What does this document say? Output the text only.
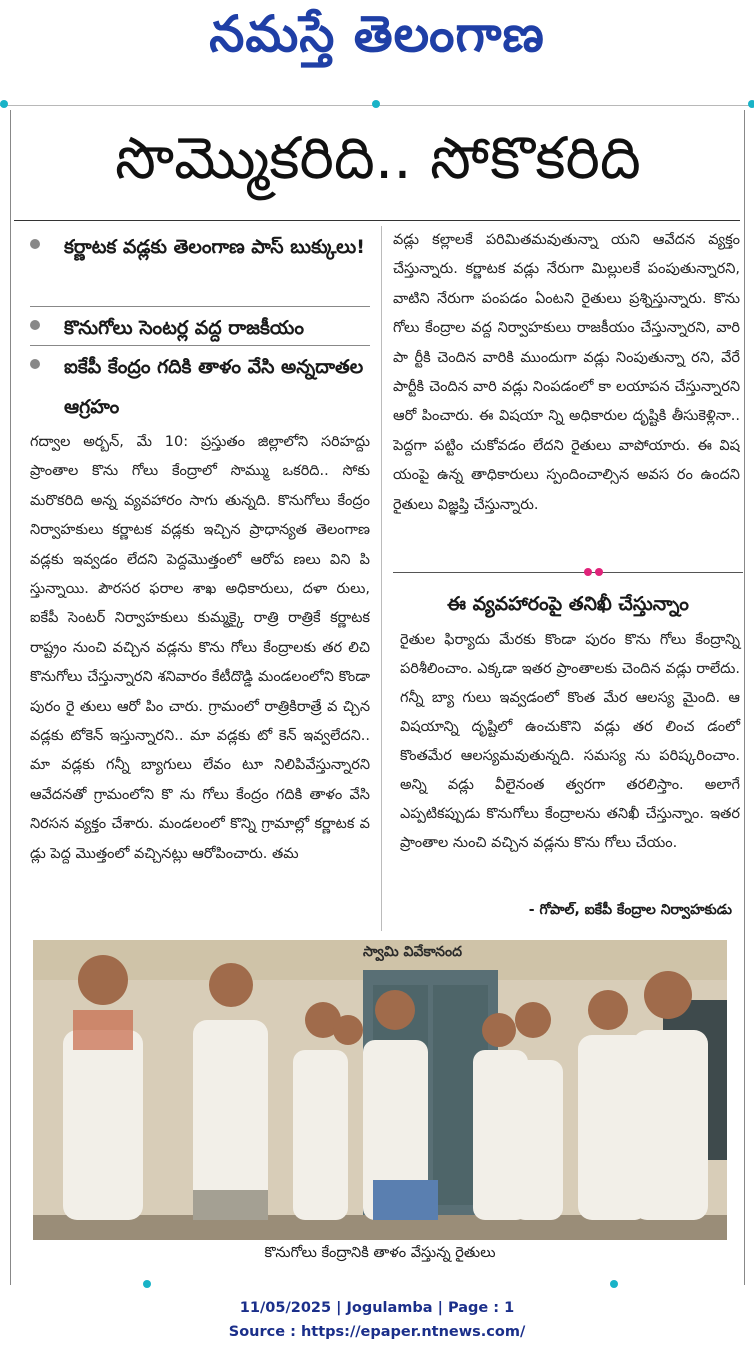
నమస్తే తెలంగాణ
సొమ్మొకరిది.. సోకొకరిది
కర్ణాటక వడ్లకు తెలంగాణ పాస్ బుక్కులు!
కొనుగోలు సెంటర్ల వద్ద రాజకీయం
ఐకేపీ కేంద్రం గదికి తాళం వేసి అన్నదాతల ఆగ్రహం
గద్వాల అర్బన్, మే 10: ప్రస్తుతం జిల్లాలోని సరిహద్దు ప్రాంతాల కొను గోలు కేంద్రాలో సొమ్ము ఒకరిది.. సోకు మరొకరిది అన్న వ్యవహారం సాగు తున్నది. కొనుగోలు కేంద్రం నిర్వాహకులు కర్ణాటక వడ్లకు ఇచ్చిన ప్రాధాన్యత తెలంగాణ వడ్లకు ఇవ్వడం లేదని పెద్దమొత్తంలో ఆరోప ణలు విని పి స్తున్నాయి. పౌరసర ఫరాల శాఖ అధికారులు, దళా రులు, ఐకేపీ సెంటర్ నిర్వాహకులు కుమ్మక్కై రాత్రి రాత్రికే కర్ణాటక రాష్ట్రం నుంచి వచ్చిన వడ్లను కొను గోలు కేంద్రాలకు తర లిచి కొనుగోలు చేస్తున్నారని శనివారం కేటీదొడ్డి మండలంలోని కొండా పురం రై తులు ఆరో పిం చారు. గ్రామంలో రాత్రికిరాత్రే వ చ్చిన వడ్లకు టోకెన్ ఇస్తున్నారని.. మా వడ్లకు టో కెన్ ఇవ్వలేదని.. మా వడ్లకు గన్నీ బ్యాగులు లేవం టూ నిలిపివేస్తున్నారని ఆవేదనతో గ్రామంలోని కొ ను గోలు కేంద్రం గదికి తాళం వేసి నిరసన వ్యక్తం చేశారు. మండలంలో కొన్ని గ్రామాల్లో కర్ణాటక వ డ్లు పెద్ద మొత్తంలో వచ్చినట్లు ఆరోపించారు. తమ
వడ్లు కల్లాలకే పరిమితమవుతున్నా యని ఆవేదన వ్యక్తం చేస్తున్నారు. కర్ణాటక వడ్లు నేరుగా మిల్లులకే పంపుతున్నారని, వాటిని నేరుగా పంపడం ఏంటని రైతులు ప్రశ్నిస్తున్నారు. కొను గోలు కేంద్రాల వద్ద నిర్వాహకులు రాజకీయం చేస్తున్నారని, వారి పా ర్టీకి చెందిన వారికి ముందుగా వడ్లు నింపుతున్నా రని, వేరే పార్టీకి చెందిన వారి వడ్లు నింపడంలో కా లయాపన చేస్తున్నారని ఆరో పించారు. ఈ విషయా న్ని అధికారుల దృష్టికి తీసుకెళ్లినా.. పెద్దగా పట్టిం చుకోవడం లేదని రైతులు వాపోయారు. ఈ విష యంపై ఉన్న తాధికారులు స్పందించాల్సిన అవస రం ఉందని రైతులు విజ్ఞప్తి చేస్తున్నారు.
ఈ వ్యవహారంపై తనిఖీ చేస్తున్నాం
రైతుల ఫిర్యాదు మేరకు కొండా పురం కొను గోలు కేంద్రాన్ని పరిశీలించాం. ఎక్కడా ఇతర ప్రాంతాలకు చెందిన వడ్లు రాలేదు. గన్నీ బ్యా గులు ఇవ్వడంలో కొంత మేర ఆలస్య మైంది. ఆ విషయాన్ని దృష్టిలో ఉంచుకొని వడ్లు తర లించ డంలో కొంతమేర ఆలస్యమవుతున్నది. సమస్య ను పరిష్కరించాం. అన్ని వడ్లు వీలైనంత త్వరగా తరలిస్తాం. అలాగే ఎప్పటికప్పుడు కొనుగోలు కేంద్రాలను తనిఖీ చేస్తున్నాం. ఇతర ప్రాంతాల నుంచి వచ్చిన వడ్లను కొను గోలు చేయం.
- గోపాల్, ఐకేపీ కేంద్రాల నిర్వాహకుడు
స్వామి వివేకానంద
కొనుగోలు కేంద్రానికి తాళం వేస్తున్న రైతులు
11/05/2025 | Jogulamba | Page : 1
Source : https://epaper.ntnews.com/
